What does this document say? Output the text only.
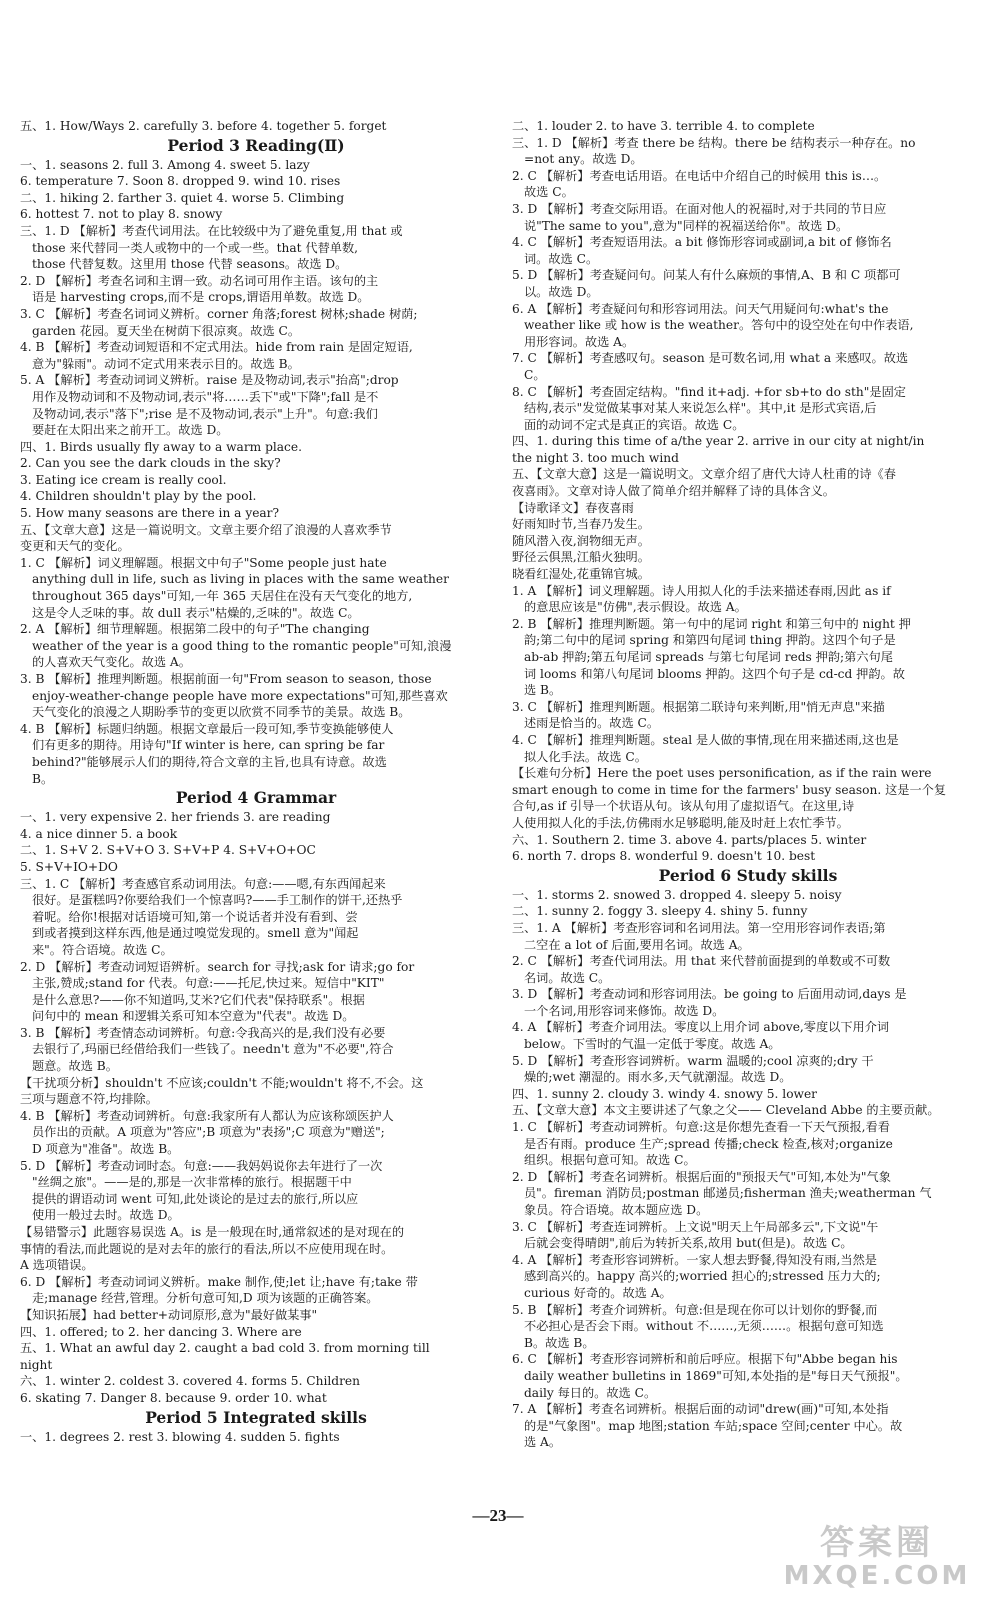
五、1. How/Ways 2. carefully 3. before 4. together 5. forget
Period 3 Reading(Ⅱ)
一、1. seasons 2. full 3. Among 4. sweet 5. lazy
6. temperature 7. Soon 8. dropped 9. wind 10. rises
二、1. hiking 2. farther 3. quiet 4. worse 5. Climbing
6. hottest 7. not to play 8. snowy
三、1. D 【解析】考查代词用法。在比较级中为了避免重复,用 that 或
those 来代替同一类人或物中的一个或一些。that 代替单数,
those 代替复数。这里用 those 代替 seasons。故选 D。
2. D 【解析】考查名词和主谓一致。动名词可用作主语。该句的主
语是 harvesting crops,而不是 crops,谓语用单数。故选 D。
3. C 【解析】考查名词词义辨析。corner 角落;forest 树林;shade 树荫;
garden 花园。夏天坐在树荫下很凉爽。故选 C。
4. B 【解析】考查动词短语和不定式用法。hide from rain 是固定短语,
意为"躲雨"。动词不定式用来表示目的。故选 B。
5. A 【解析】考查动词词义辨析。raise 是及物动词,表示"抬高";drop
用作及物动词和不及物动词,表示"将……丢下"或"下降";fall 是不
及物动词,表示"落下";rise 是不及物动词,表示"上升"。句意:我们
要赶在太阳出来之前开工。故选 D。
四、1. Birds usually fly away to a warm place.
2. Can you see the dark clouds in the sky?
3. Eating ice cream is really cool.
4. Children shouldn't play by the pool.
5. How many seasons are there in a year?
五、【文章大意】这是一篇说明文。文章主要介绍了浪漫的人喜欢季节
变更和天气的变化。
1. C 【解析】词义理解题。根据文中句子"Some people just hate
anything dull in life, such as living in places with the same weather
throughout 365 days"可知,一年 365 天居住在没有天气变化的地方,
这是令人乏味的事。故 dull 表示"枯燥的,乏味的"。故选 C。
2. A 【解析】细节理解题。根据第二段中的句子"The changing
weather of the year is a good thing to the romantic people"可知,浪漫
的人喜欢天气变化。故选 A。
3. B 【解析】推理判断题。根据前面一句"From season to season, those
enjoy-weather-change people have more expectations"可知,那些喜欢
天气变化的浪漫之人期盼季节的变更以欣赏不同季节的美景。故选 B。
4. B 【解析】标题归纳题。根据文章最后一段可知,季节变换能够使人
们有更多的期待。用诗句"If winter is here, can spring be far
behind?"能够展示人们的期待,符合文章的主旨,也具有诗意。故选
B。
Period 4 Grammar
一、1. very expensive 2. her friends 3. are reading
4. a nice dinner 5. a book
二、1. S+V 2. S+V+O 3. S+V+P 4. S+V+O+OC
5. S+V+IO+DO
三、1. C 【解析】考查感官系动词用法。句意:——嗯,有东西闻起来
很好。是蛋糕吗?你要给我们一个惊喜吗?——手工制作的饼干,还热乎
着呢。给你!根据对话语境可知,第一个说话者并没有看到、尝
到或者摸到这样东西,他是通过嗅觉发现的。smell 意为"闻起
来"。符合语境。故选 C。
2. D 【解析】考查动词短语辨析。search for 寻找;ask for 请求;go for
主张,赞成;stand for 代表。句意:——托尼,快过来。短信中"KIT"
是什么意思?——你不知道吗,艾米?它们代表"保持联系"。根据
问句中的 mean 和逻辑关系可知本空意为"代表"。故选 D。
3. B 【解析】考查情态动词辨析。句意:令我高兴的是,我们没有必要
去银行了,玛丽已经借给我们一些钱了。needn't 意为"不必要",符合
题意。故选 B。
【干扰项分析】shouldn't 不应该;couldn't 不能;wouldn't 将不,不会。这
三项与题意不符,均排除。
4. B 【解析】考查动词辨析。句意:我家所有人都认为应该称颂医护人
员作出的贡献。A 项意为"答应";B 项意为"表扬";C 项意为"赠送";
D 项意为"准备"。故选 B。
5. D 【解析】考查动词时态。句意:——我妈妈说你去年进行了一次
"丝绸之旅"。——是的,那是一次非常棒的旅行。根据题干中
提供的谓语动词 went 可知,此处谈论的是过去的旅行,所以应
使用一般过去时。故选 D。
【易错警示】此题容易误选 A。is 是一般现在时,通常叙述的是对现在的
事情的看法,而此题说的是对去年的旅行的看法,所以不应使用现在时。
A 选项错误。
6. D 【解析】考查动词词义辨析。make 制作,使;let 让;have 有;take 带
走;manage 经营,管理。分析句意可知,D 项为该题的正确答案。
【知识拓展】had better+动词原形,意为"最好做某事"
四、1. offered; to 2. her dancing 3. Where are
五、1. What an awful day 2. caught a bad cold 3. from morning till
night
六、1. winter 2. coldest 3. covered 4. forms 5. Children
6. skating 7. Danger 8. because 9. order 10. what
Period 5 Integrated skills
一、1. degrees 2. rest 3. blowing 4. sudden 5. fights
二、1. louder 2. to have 3. terrible 4. to complete
三、1. D 【解析】考查 there be 结构。there be 结构表示一种存在。no
=not any。故选 D。
2. C 【解析】考查电话用语。在电话中介绍自己的时候用 this is…。
故选 C。
3. D 【解析】考查交际用语。在面对他人的祝福时,对于共同的节日应
说"The same to you",意为"同样的祝福送给你"。故选 D。
4. C 【解析】考查短语用法。a bit 修饰形容词或副词,a bit of 修饰名
词。故选 C。
5. D 【解析】考查疑问句。问某人有什么麻烦的事情,A、B 和 C 项都可
以。故选 D。
6. A 【解析】考查疑问句和形容词用法。问天气用疑问句:what's the
weather like 或 how is the weather。答句中的设空处在句中作表语,
用形容词。故选 A。
7. C 【解析】考查感叹句。season 是可数名词,用 what a 来感叹。故选
C。
8. C 【解析】考查固定结构。"find it+adj. +for sb+to do sth"是固定
结构,表示"发觉做某事对某人来说怎么样"。其中,it 是形式宾语,后
面的动词不定式是真正的宾语。故选 C。
四、1. during this time of a/the year 2. arrive in our city at night/in
the night 3. too much wind
五、【文章大意】这是一篇说明文。文章介绍了唐代大诗人杜甫的诗《春
夜喜雨》。文章对诗人做了简单介绍并解释了诗的具体含义。
【诗歌译文】春夜喜雨
好雨知时节,当春乃发生。
随风潜入夜,润物细无声。
野径云俱黑,江船火独明。
晓看红湿处,花重锦官城。
1. A 【解析】词义理解题。诗人用拟人化的手法来描述春雨,因此 as if
的意思应该是"仿佛",表示假设。故选 A。
2. B 【解析】推理判断题。第一句中的尾词 right 和第三句中的 night 押
韵;第二句中的尾词 spring 和第四句尾词 thing 押韵。这四个句子是
ab-ab 押韵;第五句尾词 spreads 与第七句尾词 reds 押韵;第六句尾
词 looms 和第八句尾词 blooms 押韵。这四个句子是 cd-cd 押韵。故
选 B。
3. C 【解析】推理判断题。根据第二联诗句来判断,用"悄无声息"来描
述雨是恰当的。故选 C。
4. C 【解析】推理判断题。steal 是人做的事情,现在用来描述雨,这也是
拟人化手法。故选 C。
【长难句分析】Here the poet uses personification, as if the rain were
smart enough to come in time for the farmers' busy season. 这是一个复
合句,as if 引导一个状语从句。该从句用了虚拟语气。在这里,诗
人使用拟人化的手法,仿佛雨水足够聪明,能及时赶上农忙季节。
六、1. Southern 2. time 3. above 4. parts/places 5. winter
6. north 7. drops 8. wonderful 9. doesn't 10. best
Period 6 Study skills
一、1. storms 2. snowed 3. dropped 4. sleepy 5. noisy
二、1. sunny 2. foggy 3. sleepy 4. shiny 5. funny
三、1. A 【解析】考查形容词和名词用法。第一空用形容词作表语;第
二空在 a lot of 后面,要用名词。故选 A。
2. C 【解析】考查代词用法。用 that 来代替前面提到的单数或不可数
名词。故选 C。
3. D 【解析】考查动词和形容词用法。be going to 后面用动词,days 是
一个名词,用形容词来修饰。故选 D。
4. A 【解析】考查介词用法。零度以上用介词 above,零度以下用介词
below。下雪时的气温一定低于零度。故选 A。
5. D 【解析】考查形容词辨析。warm 温暖的;cool 凉爽的;dry 干
燥的;wet 潮湿的。雨水多,天气就潮湿。故选 D。
四、1. sunny 2. cloudy 3. windy 4. snowy 5. lower
五、【文章大意】本文主要讲述了气象之父—— Cleveland Abbe 的主要贡献。
1. C 【解析】考查动词辨析。句意:这是你想先查看一下天气预报,看看
是否有雨。produce 生产;spread 传播;check 检查,核对;organize
组织。根据句意可知。故选 C。
2. D 【解析】考查名词辨析。根据后面的"预报天气"可知,本处为"气象
员"。fireman 消防员;postman 邮递员;fisherman 渔夫;weatherman 气
象员。符合语境。故本题应选 D。
3. C 【解析】考查连词辨析。上文说"明天上午局部多云",下文说"午
后就会变得晴朗",前后为转折关系,故用 but(但是)。故选 C。
4. A 【解析】考查形容词辨析。一家人想去野餐,得知没有雨,当然是
感到高兴的。happy 高兴的;worried 担心的;stressed 压力大的;
curious 好奇的。故选 A。
5. B 【解析】考查介词辨析。句意:但是现在你可以计划你的野餐,而
不必担心是否会下雨。without 不……,无须……。根据句意可知选
B。故选 B。
6. C 【解析】考查形容词辨析和前后呼应。根据下句"Abbe began his
daily weather bulletins in 1869"可知,本处指的是"每日天气预报"。
daily 每日的。故选 C。
7. A 【解析】考查名词辨析。根据后面的动词"drew(画)"可知,本处指
的是"气象图"。map 地图;station 车站;space 空间;center 中心。故
选 A。
—23—
答案圈
MXQE.COM
